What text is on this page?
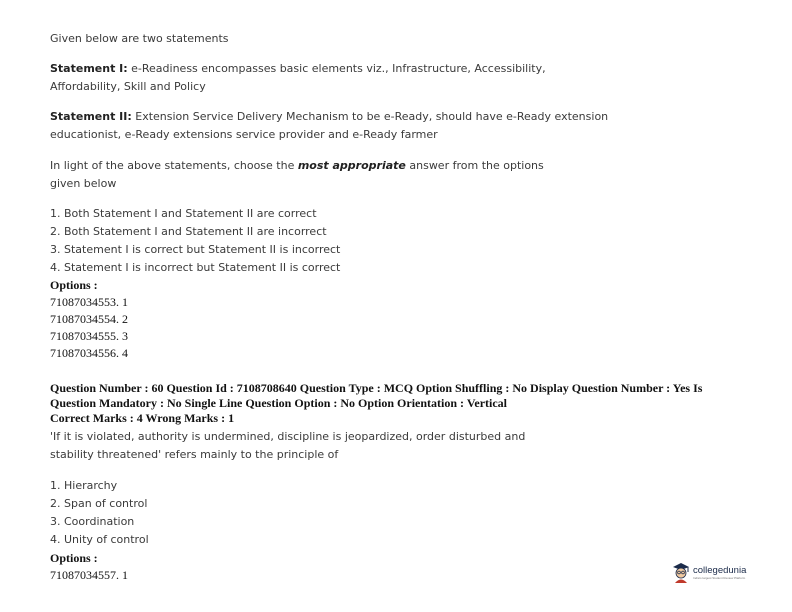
Given below are two statements

Statement I: e-Readiness encompasses basic elements viz., Infrastructure, Accessibility, Affordability, Skill and Policy

Statement II: Extension Service Delivery Mechanism to be e-Ready, should have e-Ready extension educationist, e-Ready extensions service provider and e-Ready farmer

In light of the above statements, choose the most appropriate answer from the options given below

1. Both Statement I and Statement II are correct
2. Both Statement I and Statement II are incorrect
3. Statement I is correct but Statement II is incorrect
4. Statement I is incorrect but Statement II is correct
Options :
71087034553. 1
71087034554. 2
71087034555. 3
71087034556. 4
Question Number : 60 Question Id : 7108708640 Question Type : MCQ Option Shuffling : No Display Question Number : Yes Is Question Mandatory : No Single Line Question Option : No Option Orientation : Vertical
Correct Marks : 4 Wrong Marks : 1

'If it is violated, authority is undermined, discipline is jeopardized, order disturbed and stability threatened' refers mainly to the principle of

1. Hierarchy
2. Span of control
3. Coordination
4. Unity of control
Options :
71087034557. 1	collegedunia
India's largest Student Review Platform
